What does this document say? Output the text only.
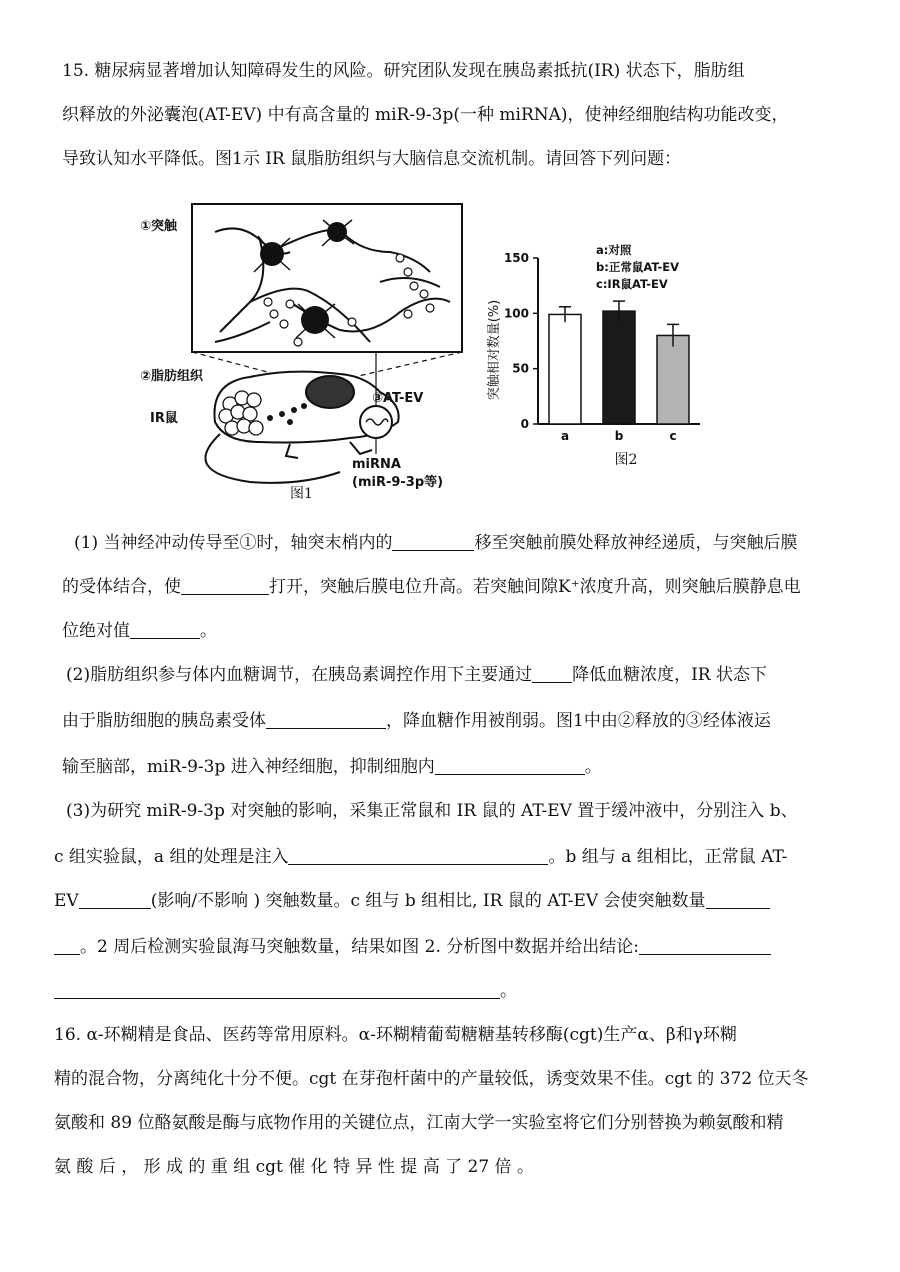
15. 糖尿病显著增加认知障碍发生的风险。研究团队发现在胰岛素抵抗(IR) 状态下，脂肪组
织释放的外泌囊泡(AT-EV) 中有高含量的 miR-9-3p(一种 miRNA)，使神经细胞结构功能改变，
导致认知水平降低。图1示 IR 鼠脂肪组织与大脑信息交流机制。请回答下列问题：
①突触
②脂肪组织
IR鼠
③AT-EV
miRNA
(miR-9-3p等)
图1
突触相对数量(%)
0
50
100
150
a	b	c
a:对照
b:正常鼠AT-EV
c:IR鼠AT-EV
图2
(1) 当神经冲动传导至①时，轴突末梢内的	移至突触前膜处释放神经递质，与突触后膜
的受体结合，使	打开，突触后膜电位升高。若突触间隙K⁺浓度升高，则突触后膜静息电
位绝对值	。
(2)脂肪组织参与体内血糖调节，在胰岛素调控作用下主要通过 降低血糖浓度，IR 状态下
由于脂肪细胞的胰岛素受体	，降血糖作用被削弱。图1中由②释放的③经体液运
输至脑部，miR-9-3p 进入神经细胞，抑制细胞内	。
(3)为研究 miR-9-3p 对突触的影响，采集正常鼠和 IR 鼠的 AT-EV 置于缓冲液中，分别注入 b、
c 组实验鼠，a 组的处理是注入	。b 组与 a 组相比，正常鼠 AT-
EV	(影响/不影响 ) 突触数量。c 组与 b 组相比, IR 鼠的 AT-EV 会使突触数量
。2 周后检测实验鼠海马突触数量，结果如图 2. 分析图中数据并给出结论:
。
16. α-环糊精是食品、医药等常用原料。α-环糊精葡萄糖糖基转移酶(cgt)生产α、β和γ环糊
精的混合物，分离纯化十分不便。cgt 在芽孢杆菌中的产量较低，诱变效果不佳。cgt 的 372 位天冬
氨酸和 89 位酪氨酸是酶与底物作用的关键位点，江南大学一实验室将它们分别替换为赖氨酸和精
氨 酸 后 ， 形 成 的 重 组 cgt 催 化 特 异 性 提 高 了 27 倍 。
